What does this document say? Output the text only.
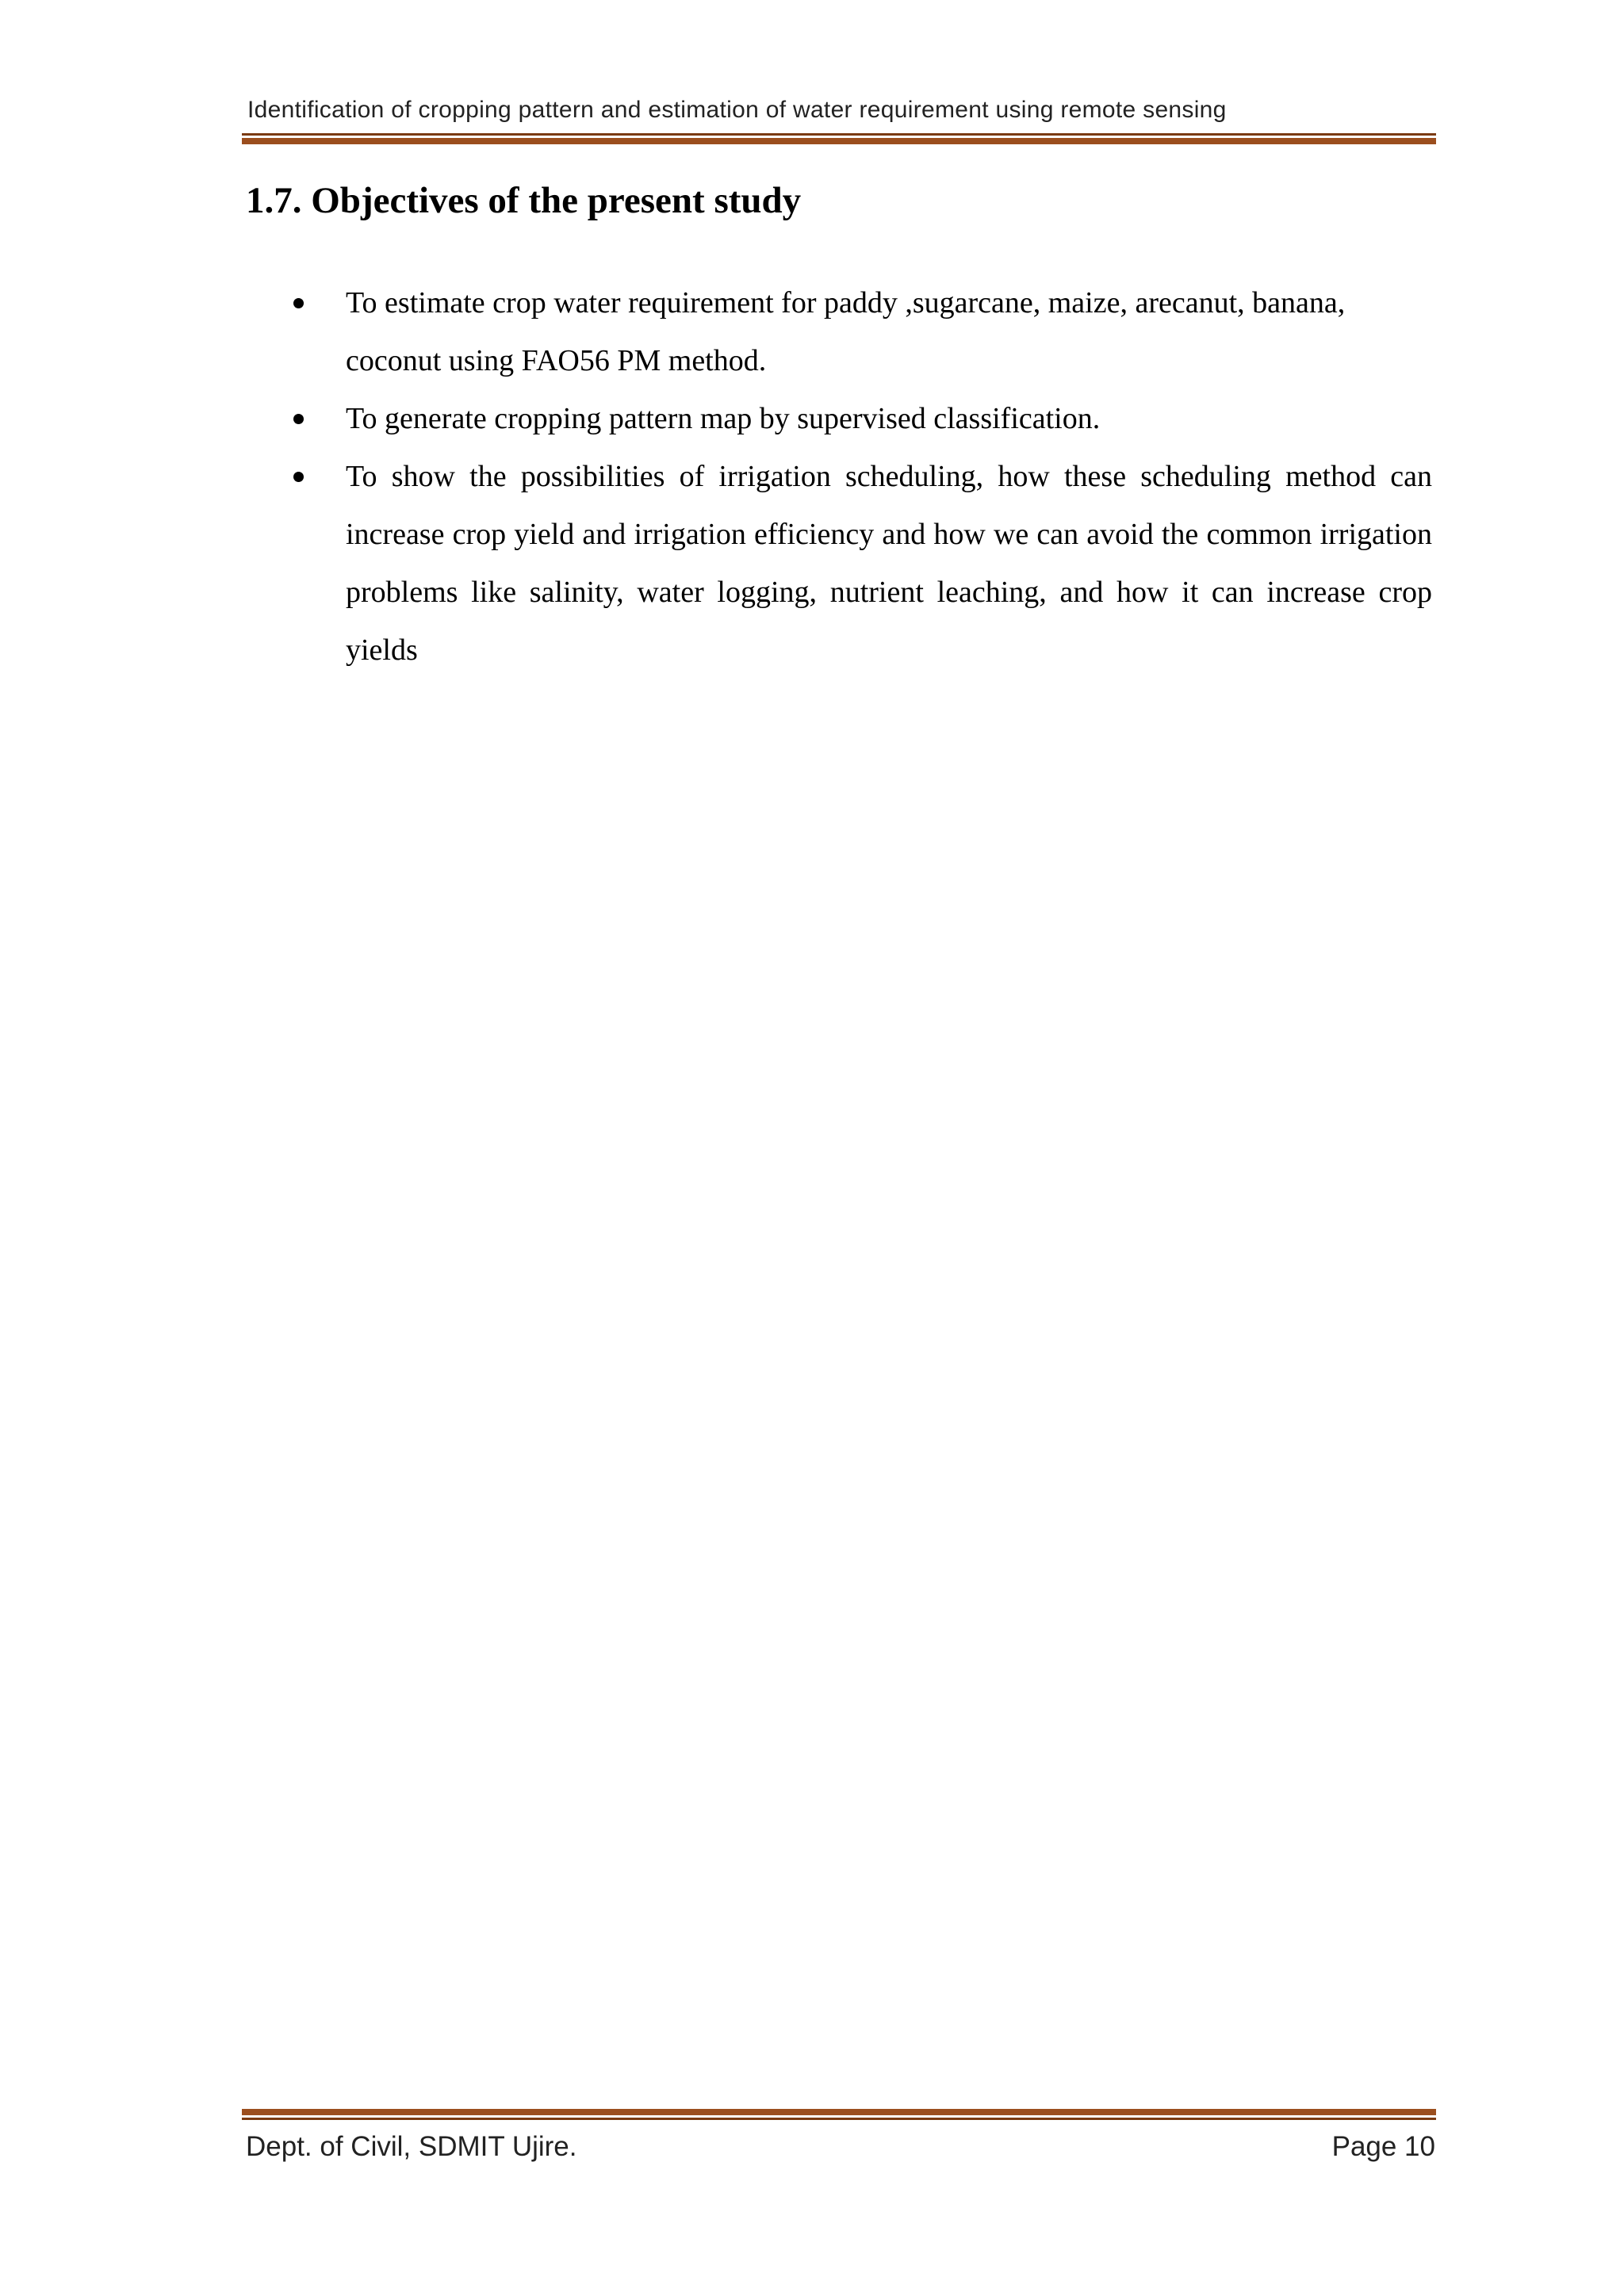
Identification of cropping pattern and estimation of water requirement using remote sensing
1.7. Objectives of the present study
To estimate crop water requirement for paddy ,sugarcane, maize, arecanut, banana, coconut using FAO56 PM method.
To generate cropping pattern map by supervised classification.
To show the possibilities of irrigation scheduling, how these scheduling method can increase crop yield and irrigation efficiency and how we can avoid the common irrigation problems like salinity, water logging, nutrient leaching, and how it can increase crop yields
Dept. of Civil, SDMIT Ujire.	Page 10
